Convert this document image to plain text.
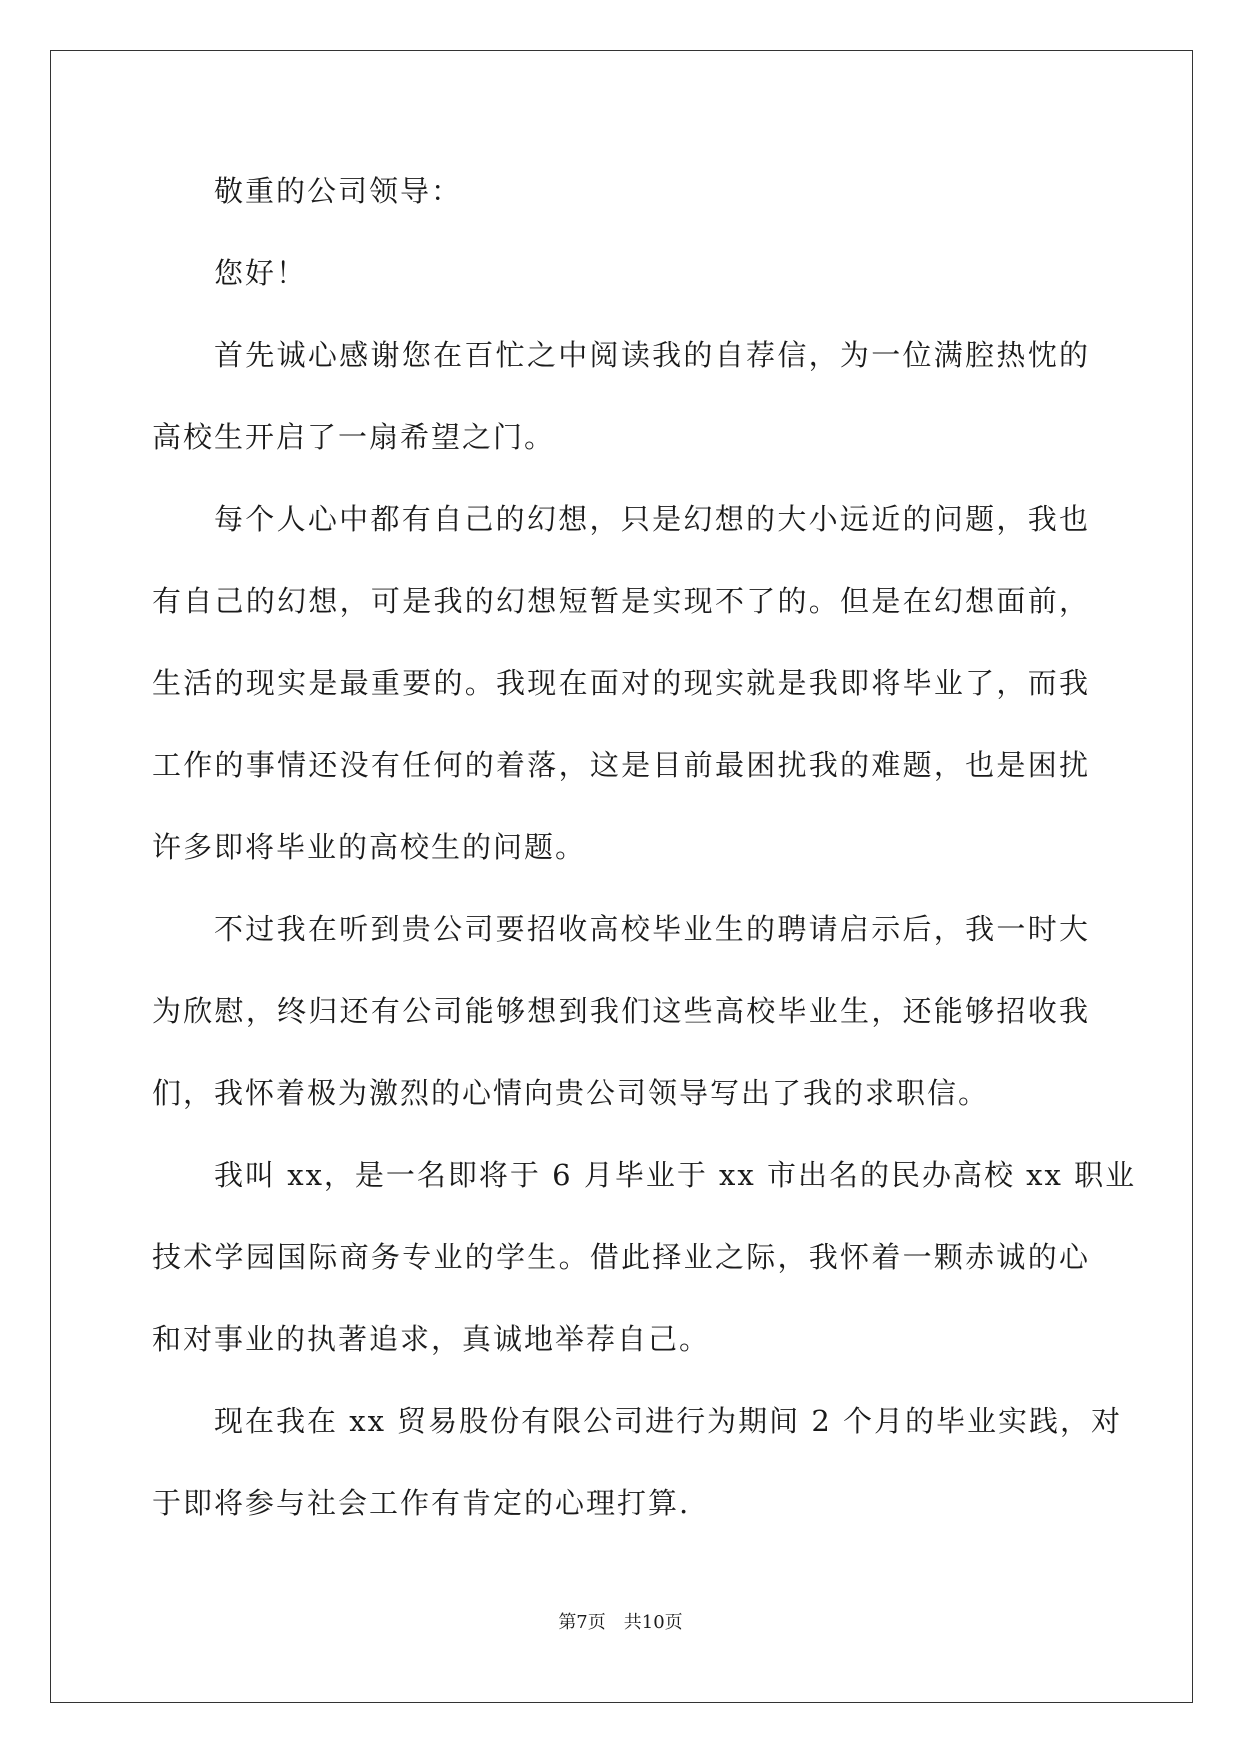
敬重的公司领导：
您好！
首先诚心感谢您在百忙之中阅读我的自荐信，为一位满腔热忱的
高校生开启了一扇希望之门。
每个人心中都有自己的幻想，只是幻想的大小远近的问题，我也
有自己的幻想，可是我的幻想短暂是实现不了的。但是在幻想面前，
生活的现实是最重要的。我现在面对的现实就是我即将毕业了，而我
工作的事情还没有任何的着落，这是目前最困扰我的难题，也是困扰
许多即将毕业的高校生的问题。
不过我在听到贵公司要招收高校毕业生的聘请启示后，我一时大
为欣慰，终归还有公司能够想到我们这些高校毕业生，还能够招收我
们，我怀着极为激烈的心情向贵公司领导写出了我的求职信。
我叫 xx，是一名即将于 6 月毕业于 xx 市出名的民办高校 xx 职业
技术学园国际商务专业的学生。借此择业之际，我怀着一颗赤诚的心
和对事业的执著追求，真诚地举荐自己。
现在我在 xx 贸易股份有限公司进行为期间 2 个月的毕业实践，对
于即将参与社会工作有肯定的心理打算.
第7页 共10页
